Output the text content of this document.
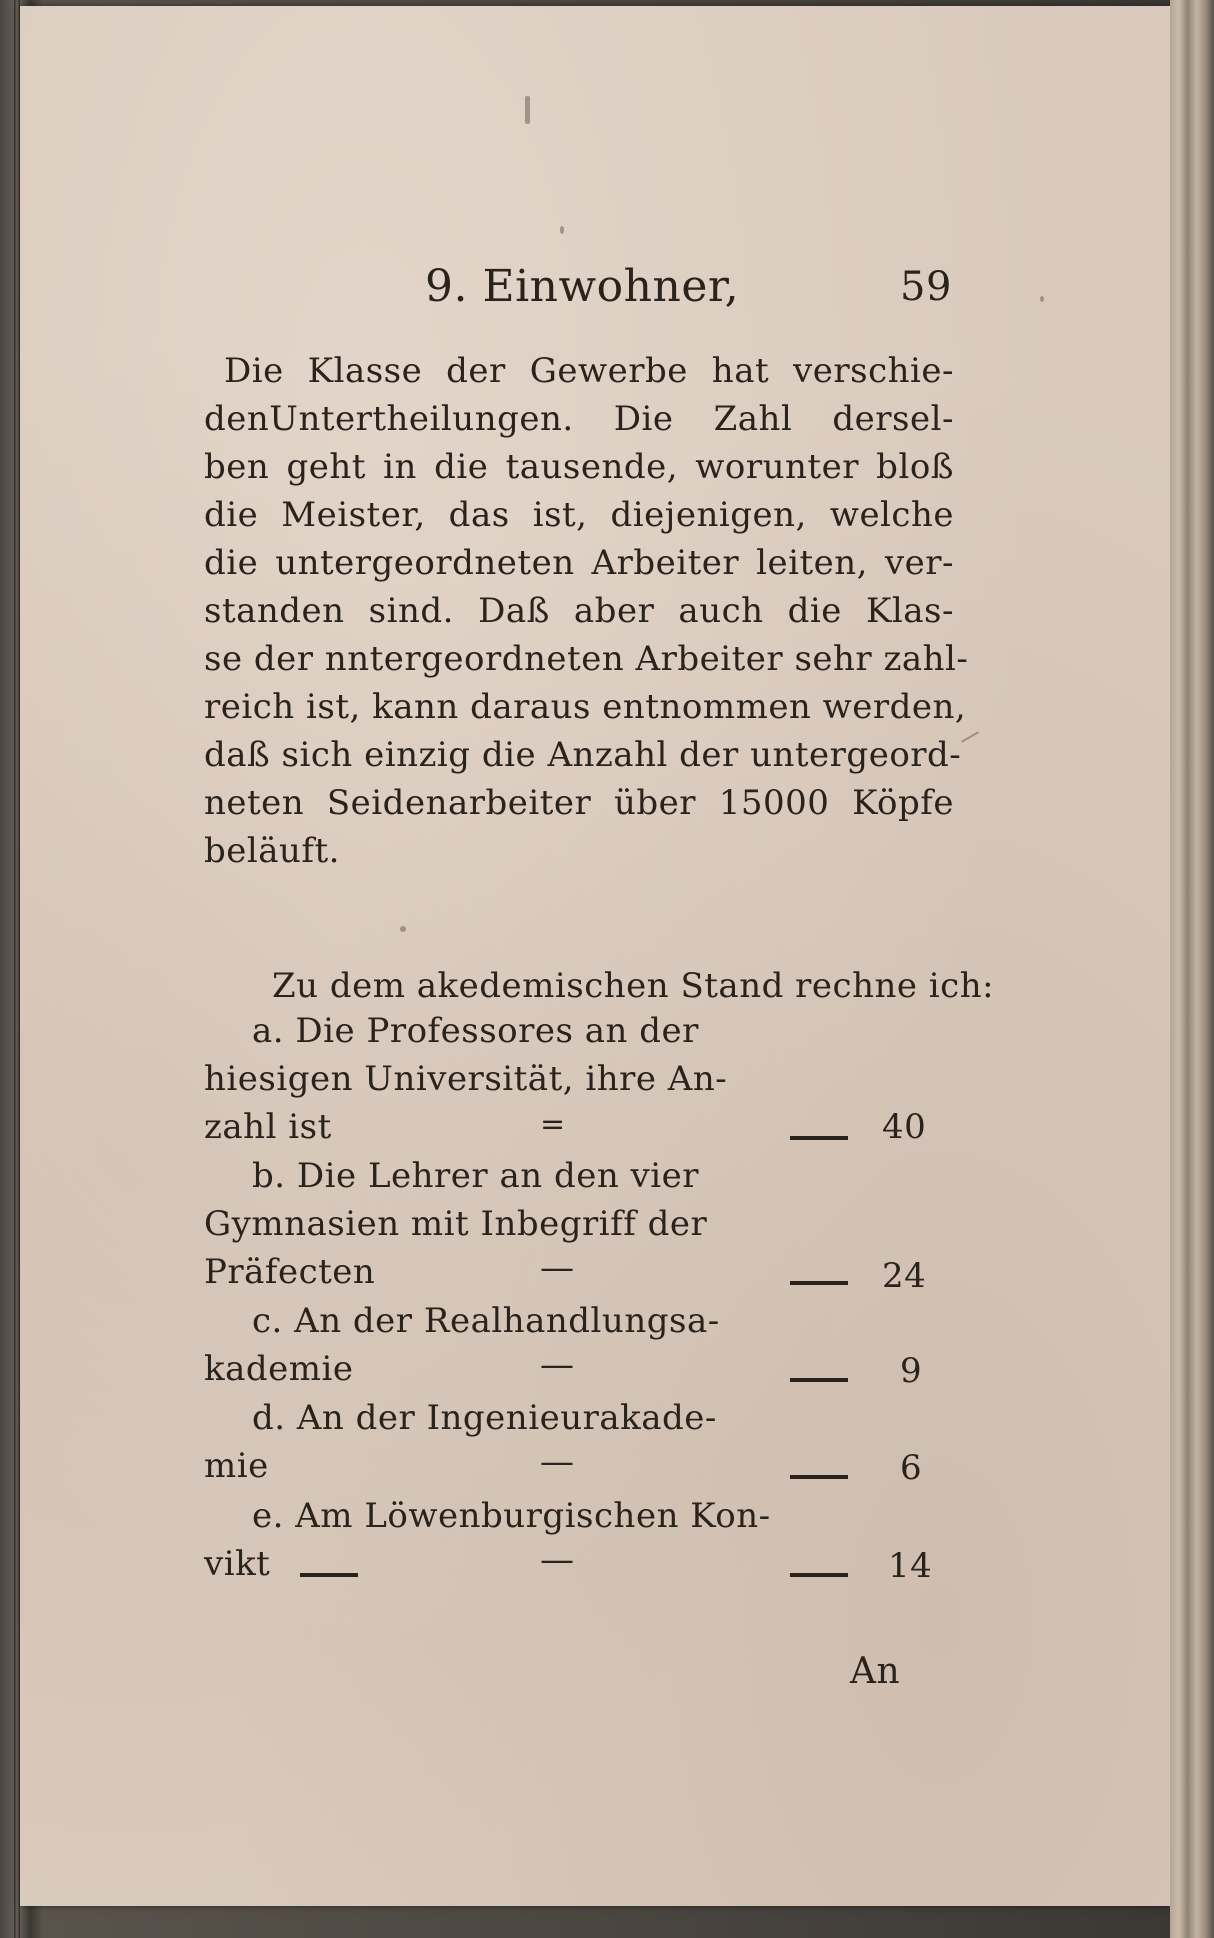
9. Einwohner,	59
Die Klasse der Gewerbe hat verschie-
denUntertheilungen. Die Zahl dersel-
ben geht in die tausende, worunter bloß
die Meister, das ist, diejenigen, welche
die untergeordneten Arbeiter leiten, ver-
standen sind. Daß aber auch die Klas-
se der nntergeordneten Arbeiter sehr zahl-
reich ist, kann daraus entnommen werden,
daß sich einzig die Anzahl der untergeord-
neten Seidenarbeiter über 15000 Köpfe
beläuft.
Zu dem akedemischen Stand rechne ich:
a. Die Professores an der
hiesigen Universität, ihre An-
zahl ist	=	40
b. Die Lehrer an den vier
Gymnasien mit Inbegriff der
Präfecten	—	24
c. An der Realhandlungsa-
kademie	—	9
d. An der Ingenieurakade-
mie	—	6
e. Am Löwenburgischen Kon-
vikt	—	14
An
